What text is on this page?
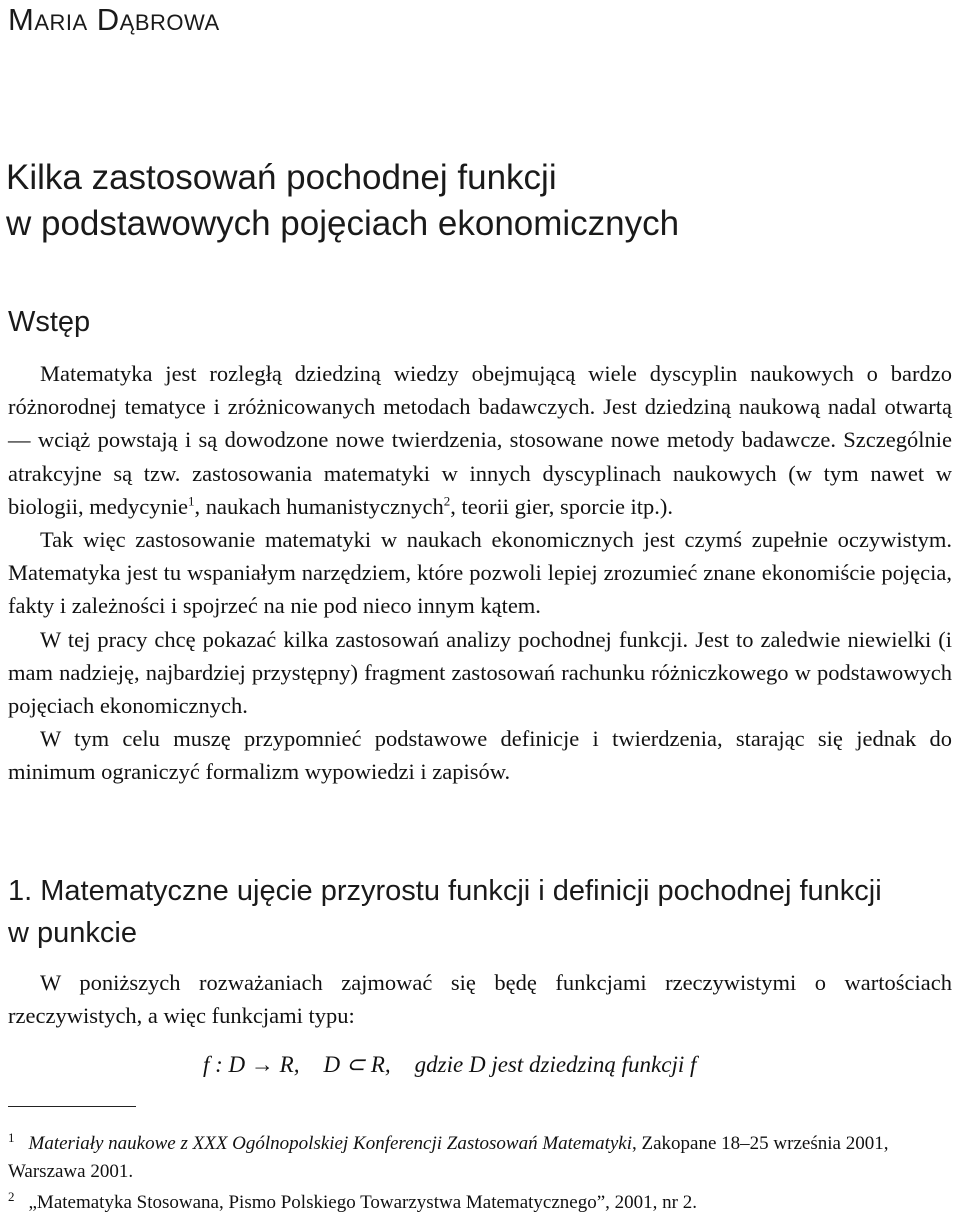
Maria Dąbrowa
Kilka zastosowań pochodnej funkcji
w podstawowych pojęciach ekonomicznych
Wstęp

Matematyka jest rozległą dziedziną wiedzy obejmującą wiele dyscyplin naukowych o bardzo różnorodnej tematyce i zróżnicowanych metodach badawczych. Jest dziedziną naukową nadal otwartą — wciąż powstają i są dowodzone nowe twierdzenia, stosowane nowe metody badawcze. Szczególnie atrakcyjne są tzw. zastosowania matematyki w innych dyscyplinach naukowych (w tym nawet w biologii, medycynie$^1$, naukach humanistycznych$^2$, teorii gier, sporcie itp.).

Tak więc zastosowanie matematyki w naukach ekonomicznych jest czymś zupełnie oczywistym. Matematyka jest tu wspaniałym narzędziem, które pozwoli lepiej zrozumieć znane ekonomiście pojęcia, fakty i zależności i spojrzeć na nie pod nieco innym kątem.

W tej pracy chcę pokazać kilka zastosowań analizy pochodnej funkcji. Jest to zaledwie niewielki (i mam nadzieję, najbardziej przystępny) fragment zastosowań rachunku różniczkowego w podstawowych pojęciach ekonomicznych.

W tym celu muszę przypomnieć podstawowe definicje i twierdzenia, starając się jednak do minimum ograniczyć formalizm wypowiedzi i zapisów.

1. Matematyczne ujęcie przyrostu funkcji i definicji pochodnej funkcji
w punkcie

W poniższych rozważaniach zajmować się będę funkcjami rzeczywistymi o wartościach rzeczywistych, a więc funkcjami typu:

f : D → R, D ⊂ R, gdzie D jest dziedziną funkcji f

$^1$ Materiały naukowe z XXX Ogólnopolskiej Konferencji Zastosowań Matematyki, Zakopane 18–25 września 2001, Warszawa 2001.

$^2$ „Matematyka Stosowana, Pismo Polskiego Towarzystwa Matematycznego”, 2001, nr 2.
